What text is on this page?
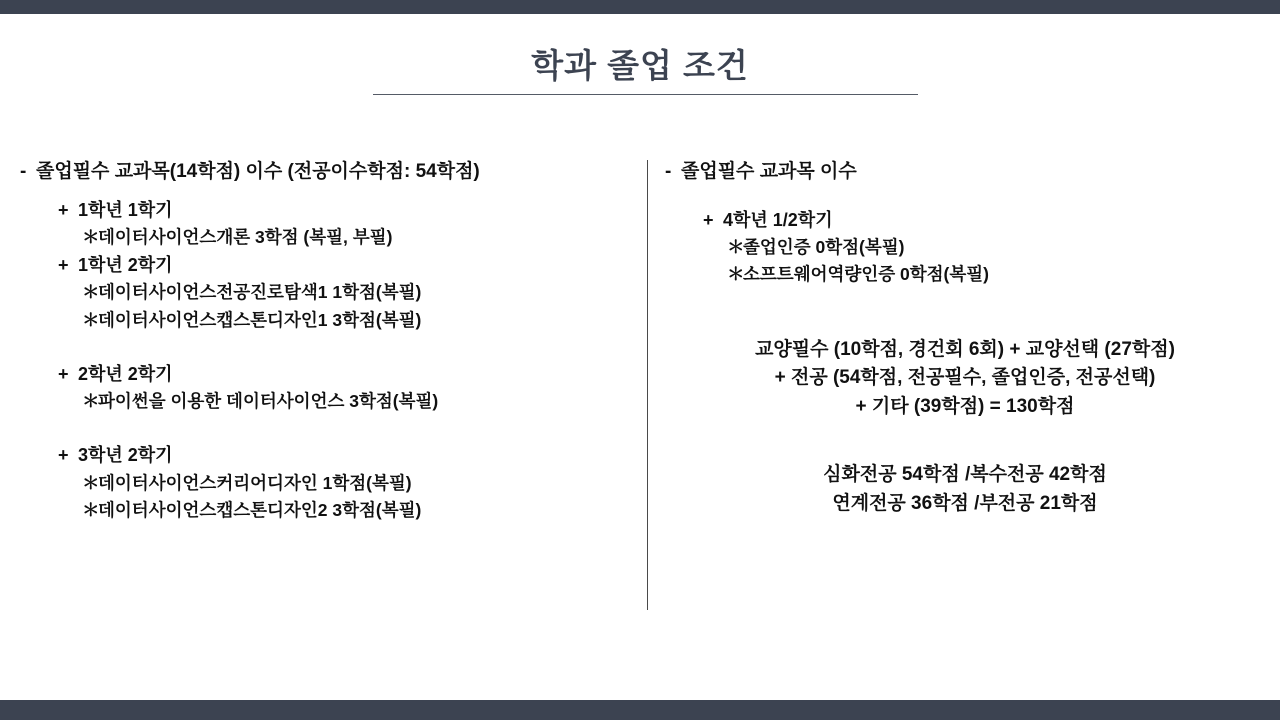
학과 졸업 조건

- 졸업필수 교과목(14학점) 이수 (전공이수학점: 54학점)

+ 1학년 1학기

＊데이터사이언스개론 3학점 (복필, 부필)

+ 1학년 2학기

＊데이터사이언스전공진로탐색1 1학점(복필)

＊데이터사이언스캡스톤디자인1 3학점(복필)

+ 2학년 2학기

＊파이썬을 이용한 데이터사이언스 3학점(복필)

+ 3학년 2학기

＊데이터사이언스커리어디자인 1학점(복필)

＊데이터사이언스캡스톤디자인2 3학점(복필)

- 졸업필수 교과목 이수

+ 4학년 1/2학기

＊졸업인증 0학점(복필)

＊소프트웨어역량인증 0학점(복필)

교양필수 (10학점, 경건회 6회) + 교양선택 (27학점)
+ 전공 (54학점, 전공필수, 졸업인증, 전공선택)
+ 기타 (39학점) = 130학점
심화전공 54학점 /복수전공 42학점
연계전공 36학점 /부전공 21학점
